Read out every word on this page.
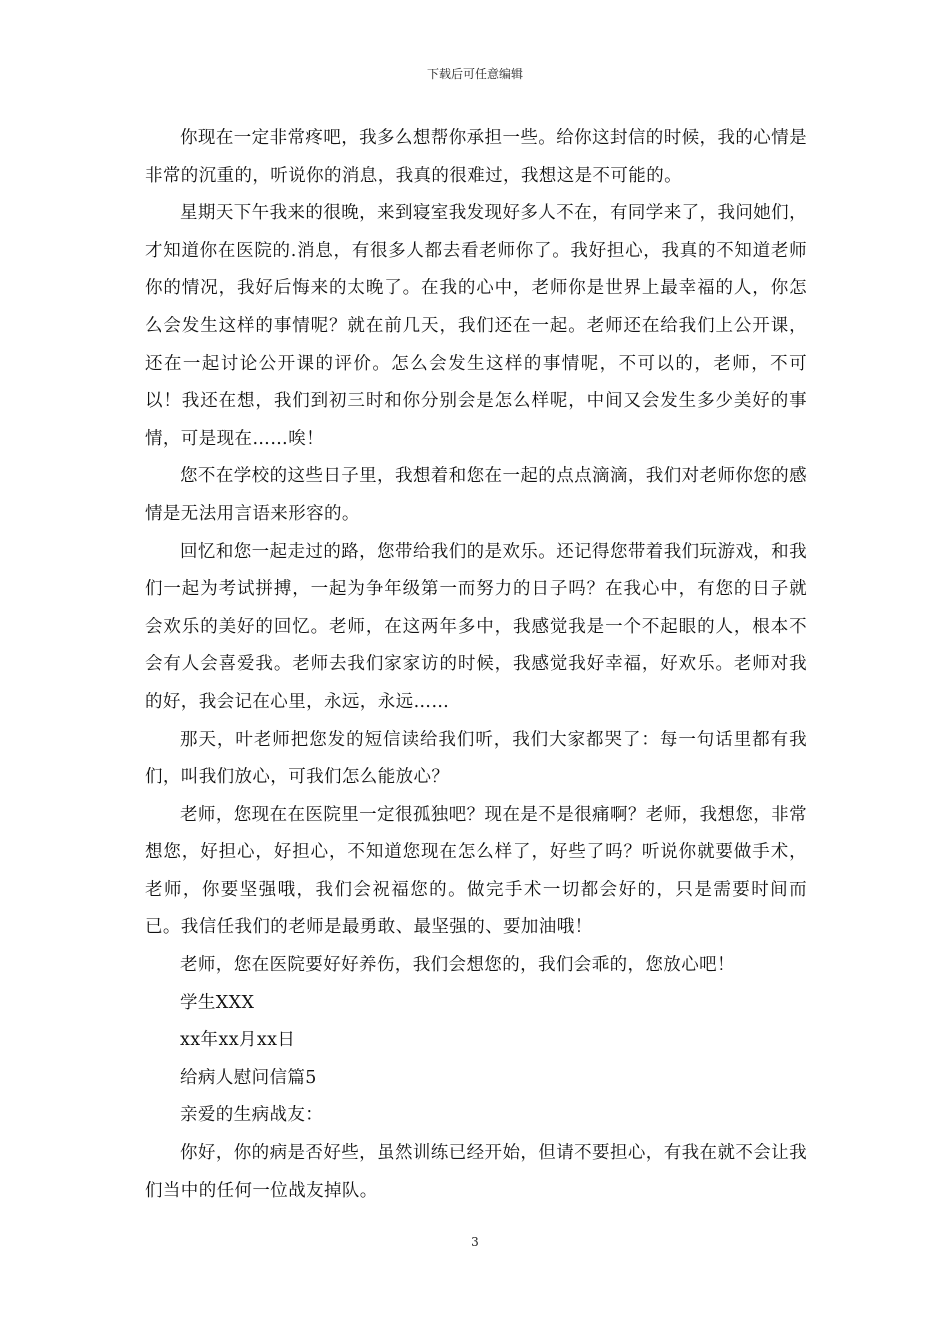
下载后可任意编辑

你现在一定非常疼吧，我多么想帮你承担一些。给你这封信的时候，我的心情是非常的沉重的，听说你的消息，我真的很难过，我想这是不可能的。

星期天下午我来的很晚，来到寝室我发现好多人不在，有同学来了，我问她们，才知道你在医院的.消息，有很多人都去看老师你了。我好担心，我真的不知道老师你的情况，我好后悔来的太晚了。在我的心中，老师你是世界上最幸福的人，你怎么会发生这样的事情呢？就在前几天，我们还在一起。老师还在给我们上公开课，还在一起讨论公开课的评价。怎么会发生这样的事情呢，不可以的，老师，不可以！我还在想，我们到初三时和你分别会是怎么样呢，中间又会发生多少美好的事情，可是现在……唉！

您不在学校的这些日子里，我想着和您在一起的点点滴滴，我们对老师你您的感情是无法用言语来形容的。

回忆和您一起走过的路，您带给我们的是欢乐。还记得您带着我们玩游戏，和我们一起为考试拼搏，一起为争年级第一而努力的日子吗？在我心中，有您的日子就会欢乐的美好的回忆。老师，在这两年多中，我感觉我是一个不起眼的人，根本不会有人会喜爱我。老师去我们家家访的时候，我感觉我好幸福，好欢乐。老师对我的好，我会记在心里，永远，永远……

那天，叶老师把您发的短信读给我们听，我们大家都哭了：每一句话里都有我们，叫我们放心，可我们怎么能放心？

老师，您现在在医院里一定很孤独吧？现在是不是很痛啊？老师，我想您，非常想您，好担心，好担心，不知道您现在怎么样了，好些了吗？听说你就要做手术，老师，你要坚强哦，我们会祝福您的。做完手术一切都会好的，只是需要时间而已。我信任我们的老师是最勇敢、最坚强的、要加油哦！

老师，您在医院要好好养伤，我们会想您的，我们会乖的，您放心吧！

学生XXX

xx年xx月xx日

给病人慰问信篇5

亲爱的生病战友：

你好，你的病是否好些，虽然训练已经开始，但请不要担心，有我在就不会让我们当中的任何一位战友掉队。

3
